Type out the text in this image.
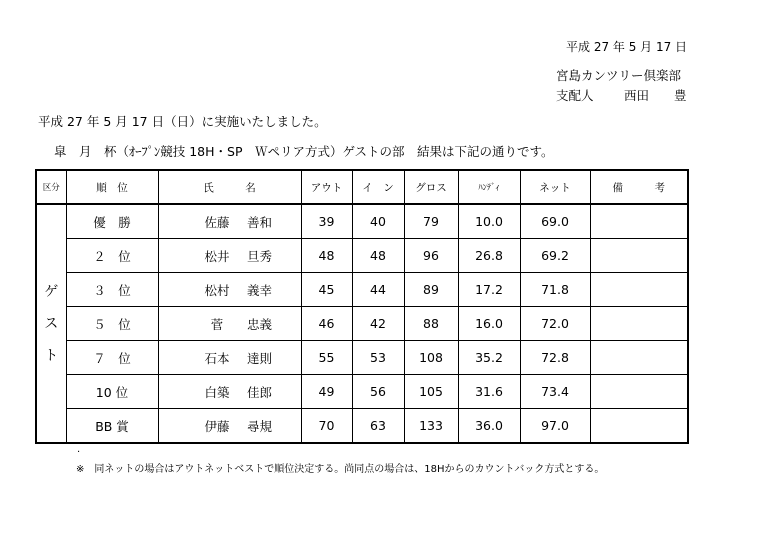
平成 27 年 5 月 17 日
宮島カンツリー倶楽部
支配人 西田　　豊
平成 27 年 5 月 17 日（日）に実施いたしました。
皐　月　杯（ｵｰﾌﾟﾝ競技 18H・SP　Ｗペリア方式）ゲストの部　結果は下記の通りです。
区分	順　位	氏　　　名	アウト	イ　ン	グロス	ﾊﾝﾃﾞｨ	ネット	備　　　考

ゲ
ス
ト	優　勝	佐藤 善和	39	40	79	10.0	69.0	
	２　位	松井 旦秀	48	48	96	26.8	69.2	
	３　位	松村 義幸	45	44	89	17.2	71.8	
	５　位	菅 忠義	46	42	88	16.0	72.0	
	７　位	石本 達則	55	53	108	35.2	72.8	
	10 位	白築 佳郎	49	56	105	31.6	73.4	
	BB 賞	伊藤 尋規	70	63	133	36.0	97.0	
.
※　同ネットの場合はアウトネットベストで順位決定する。尚同点の場合は、18Hからのカウントバック方式とする。
